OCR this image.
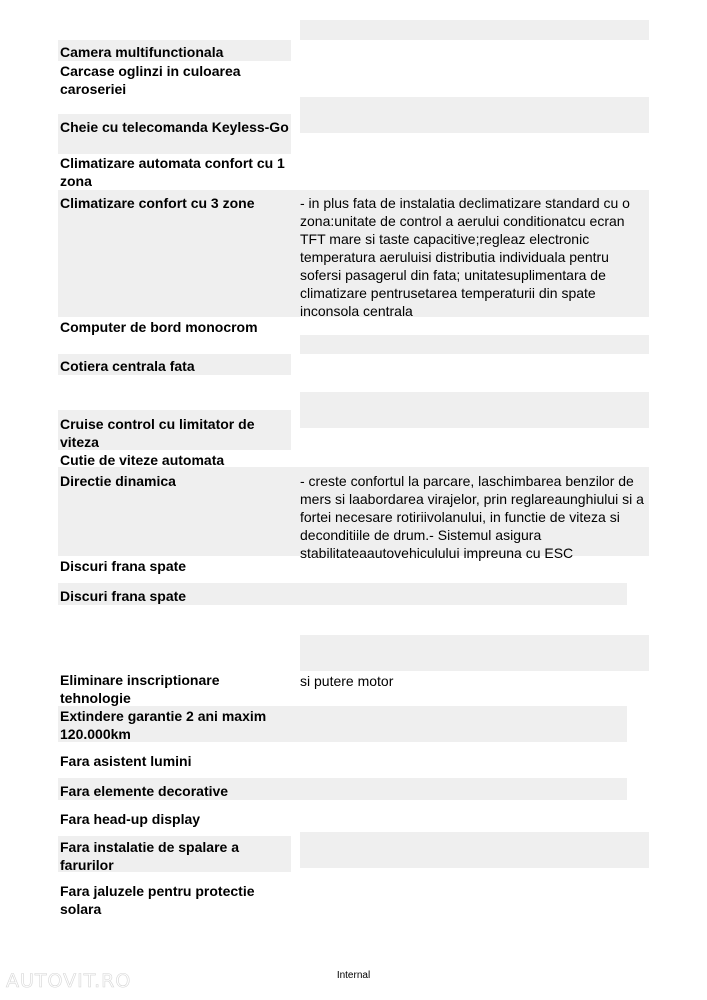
Camera multifunctionala
Carcase oglinzi in culoarea caroseriei
Cheie cu telecomanda Keyless-Go
Climatizare automata confort cu 1 zona
Climatizare confort cu 3 zone
Computer de bord monocrom
Cotiera centrala fata
Cruise control cu limitator de viteza
Cutie de viteze automata
Directie dinamica
Discuri frana spate
Discuri frana spate
Eliminare inscriptionare tehnologie
Extindere garantie 2 ani maxim 120.000km
Fara asistent lumini
Fara elemente decorative
Fara head-up display
Fara instalatie de spalare a farurilor
Fara jaluzele pentru protectie solara
- in plus fata de instalatia declimatizare standard cu o zona:unitate de control a aerului conditionatcu ecran TFT mare si taste capacitive;regleaz electronic temperatura aeruluisi distributia individuala pentru sofersi pasagerul din fata; unitatesuplimentara de climatizare pentrusetarea temperaturii din spate inconsola centrala
- creste confortul la parcare, laschimbarea benzilor de mers si laabordarea virajelor, prin reglareaunghiului si a fortei necesare rotiriivolanului, in functie de viteza si deconditiile de drum.- Sistemul asigura stabilitateaautovehiculului impreuna cu ESC
si putere motor
Internal
AUTOVIT.RO
